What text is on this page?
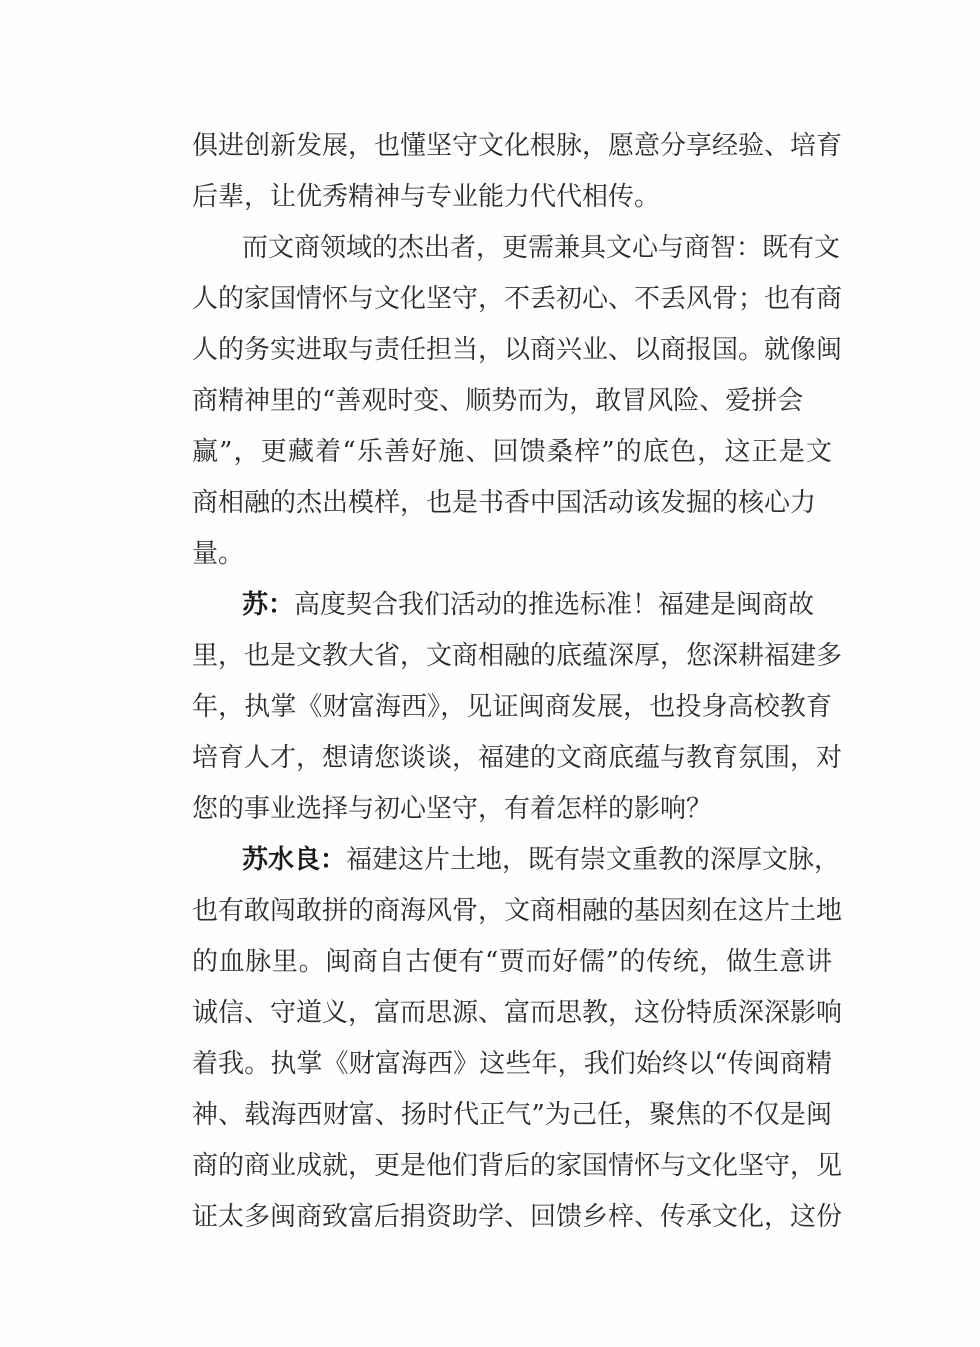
俱进创新发展，也懂坚守文化根脉，愿意分享经验、培育
后辈，让优秀精神与专业能力代代相传。
而文商领域的杰出者，更需兼具文心与商智：既有文
人的家国情怀与文化坚守，不丢初心、不丢风骨；也有商
人的务实进取与责任担当，以商兴业、以商报国。就像闽
商精神里的“善观时变、顺势而为，敢冒风险、爱拼会
赢”，更藏着“乐善好施、回馈桑梓”的底色，这正是文
商相融的杰出模样，也是书香中国活动该发掘的核心力
量。
苏：高度契合我们活动的推选标准！福建是闽商故
里，也是文教大省，文商相融的底蕴深厚，您深耕福建多
年，执掌《财富海西》，见证闽商发展，也投身高校教育
培育人才，想请您谈谈，福建的文商底蕴与教育氛围，对
您的事业选择与初心坚守，有着怎样的影响？
苏水良：福建这片土地，既有崇文重教的深厚文脉，
也有敢闯敢拼的商海风骨，文商相融的基因刻在这片土地
的血脉里。闽商自古便有“贾而好儒”的传统，做生意讲
诚信、守道义，富而思源、富而思教，这份特质深深影响
着我。执掌《财富海西》这些年，我们始终以“传闽商精
神、载海西财富、扬时代正气”为己任，聚焦的不仅是闽
商的商业成就，更是他们背后的家国情怀与文化坚守，见
证太多闽商致富后捐资助学、回馈乡梓、传承文化，这份
